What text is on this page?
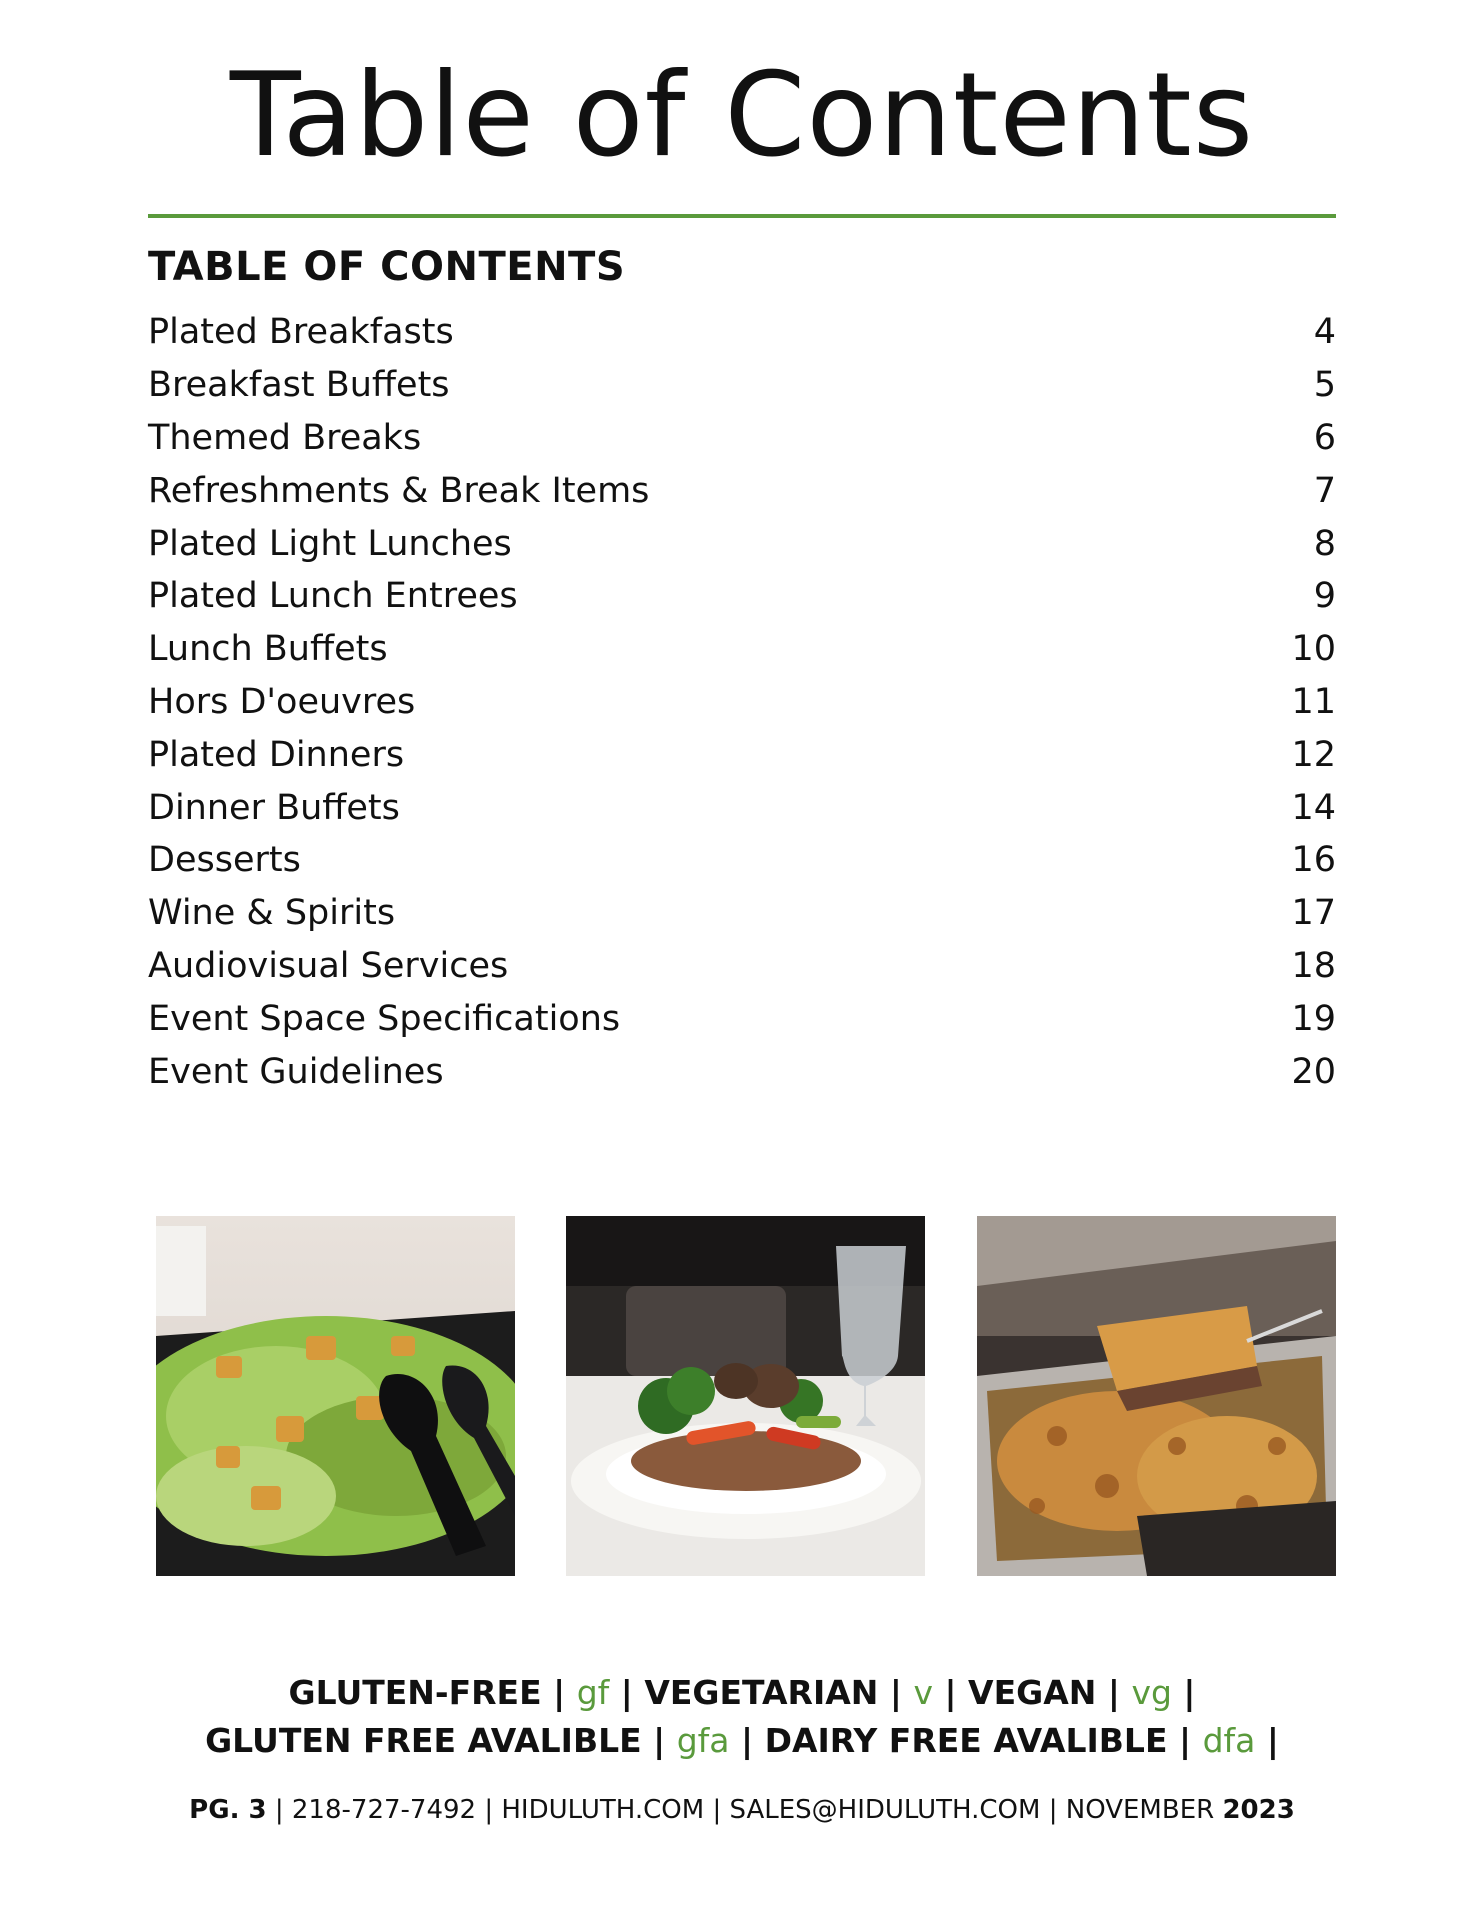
Table of Contents
TABLE OF CONTENTS
Plated Breakfasts	4
Breakfast Buffets	5
Themed Breaks	6
Refreshments & Break Items	7
Plated Light Lunches	8
Plated Lunch Entrees	9
Lunch Buffets	10
Hors D'oeuvres	11
Plated Dinners	12
Dinner Buffets	14
Desserts	16
Wine & Spirits	17
Audiovisual Services	18
Event Space Specifications	19
Event Guidelines	20
GLUTEN-FREE | gf | VEGETARIAN | v | VEGAN | vg |
GLUTEN FREE AVALIBLE | gfa | DAIRY FREE AVALIBLE | dfa |
PG. 3 | 218-727-7492 | HIDULUTH.COM | SALES@HIDULUTH.COM | NOVEMBER 2023
